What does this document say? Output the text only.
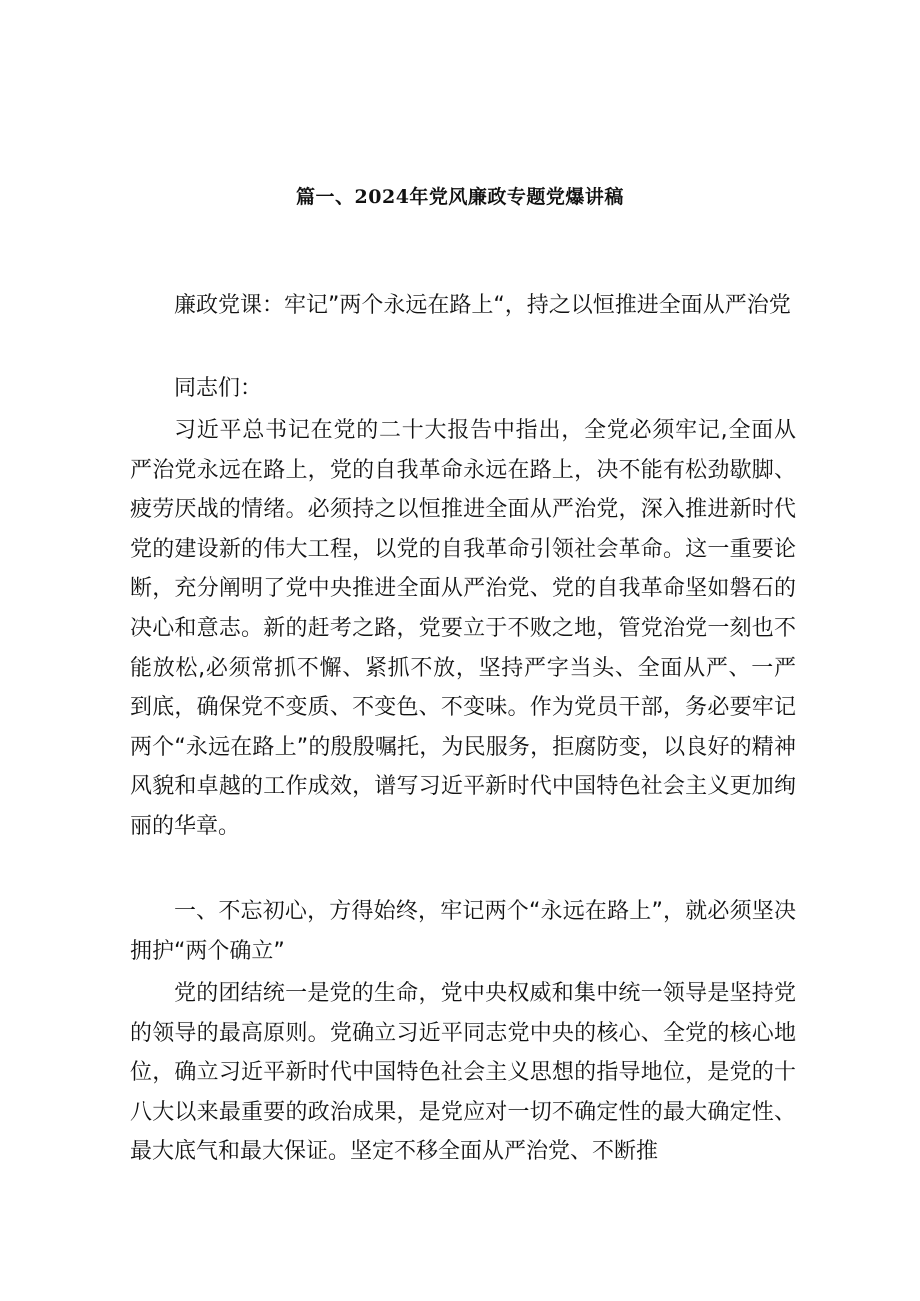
篇一、2024年党风廉政专题党爆讲稿

廉政党课：牢记”两个永远在路上“，持之以恒推进全面从严治党

同志们：

习近平总书记在党的二十大报告中指出，全党必须牢记,全面从严治党永远在路上，党的自我革命永远在路上，决不能有松劲歇脚、疲劳厌战的情绪。必须持之以恒推进全面从严治党，深入推进新时代党的建设新的伟大工程，以党的自我革命引领社会革命。这一重要论断，充分阐明了党中央推进全面从严治党、党的自我革命坚如磐石的决心和意志。新的赶考之路，党要立于不败之地，管党治党一刻也不能放松,必须常抓不懈、紧抓不放，坚持严字当头、全面从严、一严到底，确保党不变质、不变色、不变味。作为党员干部，务必要牢记两个“永远在路上”的殷殷嘱托，为民服务，拒腐防变，以良好的精神风貌和卓越的工作成效，谱写习近平新时代中国特色社会主义更加绚丽的华章。

一、不忘初心，方得始终，牢记两个“永远在路上”，就必须坚决拥护“两个确立”

党的团结统一是党的生命，党中央权威和集中统一领导是坚持党的领导的最高原则。党确立习近平同志党中央的核心、全党的核心地位，确立习近平新时代中国特色社会主义思想的指导地位，是党的十八大以来最重要的政治成果，是党应对一切不确定性的最大确定性、最大底气和最大保证。坚定不移全面从严治党、不断推
